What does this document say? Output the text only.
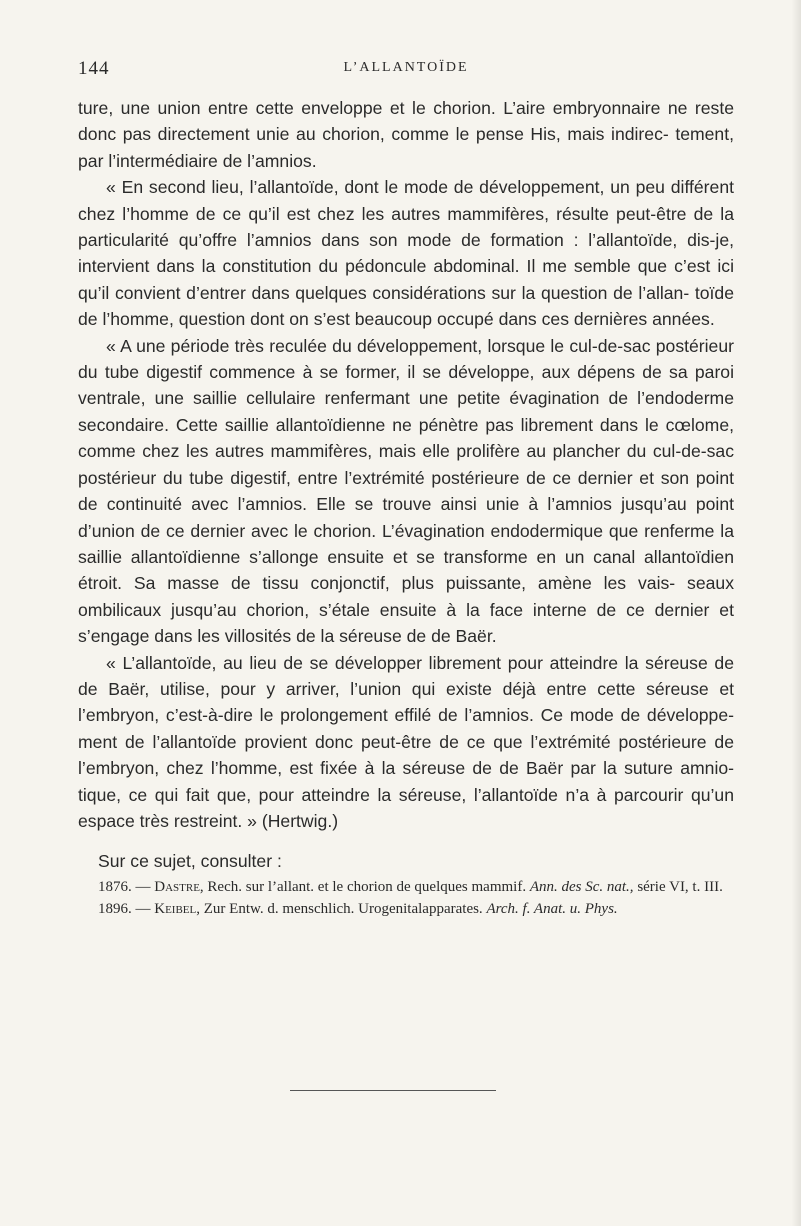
144	L’ALLANTOÏDE

ture, une union entre cette enveloppe et le chorion. L’aire embryonnaire ne reste donc pas directement unie au chorion, comme le pense His, mais indirec- tement, par l’intermédiaire de l’amnios.

« En second lieu, l’allantoïde, dont le mode de développement, un peu différent chez l’homme de ce qu’il est chez les autres mammifères, résulte peut-être de la particularité qu’offre l’amnios dans son mode de formation : l’allantoïde, dis-je, intervient dans la constitution du pédoncule abdominal. Il me semble que c’est ici qu’il convient d’entrer dans quelques considérations sur la question de l’allan- toïde de l’homme, question dont on s’est beaucoup occupé dans ces dernières années.

« A une période très reculée du développement, lorsque le cul-de-sac postérieur du tube digestif commence à se former, il se développe, aux dépens de sa paroi ventrale, une saillie cellulaire renfermant une petite évagination de l’endoderme secondaire. Cette saillie allantoïdienne ne pénètre pas librement dans le cœlome, comme chez les autres mammifères, mais elle prolifère au plancher du cul-de-sac postérieur du tube digestif, entre l’extrémité postérieure de ce dernier et son point de continuité avec l’amnios. Elle se trouve ainsi unie à l’amnios jusqu’au point d’union de ce dernier avec le chorion. L’évagination endodermique que renferme la saillie allantoïdienne s’allonge ensuite et se transforme en un canal allantoïdien étroit. Sa masse de tissu conjonctif, plus puissante, amène les vais- seaux ombilicaux jusqu’au chorion, s’étale ensuite à la face interne de ce dernier et s’engage dans les villosités de la séreuse de de Baër.

« L’allantoïde, au lieu de se développer librement pour atteindre la séreuse de de Baër, utilise, pour y arriver, l’union qui existe déjà entre cette séreuse et l’embryon, c’est-à-dire le prolongement effilé de l’amnios. Ce mode de développe- ment de l’allantoïde provient donc peut-être de ce que l’extrémité postérieure de l’embryon, chez l’homme, est fixée à la séreuse de de Baër par la suture amnio- tique, ce qui fait que, pour atteindre la séreuse, l’allantoïde n’a à parcourir qu’un espace très restreint. » (Hertwig.)

Sur ce sujet, consulter :

1876. — Dastre, Rech. sur l’allant. et le chorion de quelques mammif. Ann. des Sc. nat., série VI, t. III.

1896. — Keibel, Zur Entw. d. menschlich. Urogenitalapparates. Arch. f. Anat. u. Phys.
